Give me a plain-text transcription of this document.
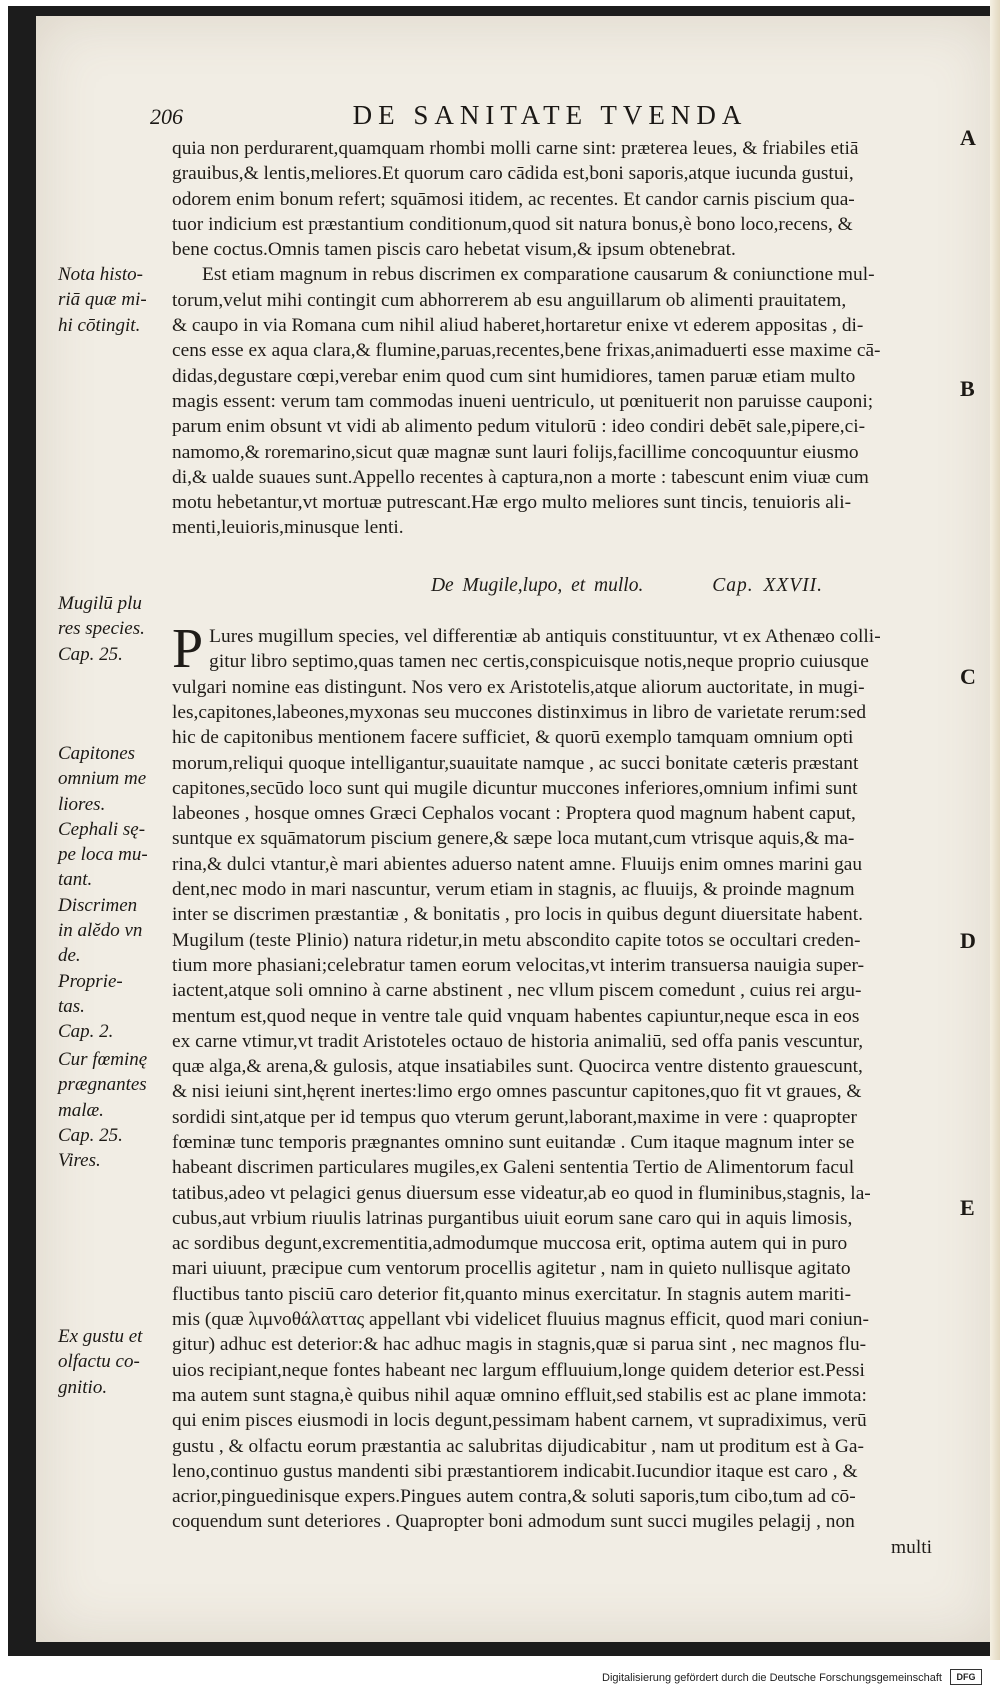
206	DE SANITATE TVENDA
A
B
C
D
E
quia non perdurarent,quamquam rhombi molli carne sint: præterea leues, & friabiles etiā
grauibus,& lentis,meliores.Et quorum caro cādida est,boni saporis,atque iucunda gustui,
odorem enim bonum refert; squāmosi itidem, ac recentes. Et candor carnis piscium qua-
tuor indicium est præstantium conditionum,quod sit natura bonus,è bono loco,recens, &
bene coctus.Omnis tamen piscis caro hebetat visum,& ipsum obtenebrat.
Est etiam magnum in rebus discrimen ex comparatione causarum & coniunctione mul-
torum,velut mihi contingit cum abhorrerem ab esu anguillarum ob alimenti prauitatem,
& caupo in via Romana cum nihil aliud haberet,hortaretur enixe vt ederem appositas , di-
cens esse ex aqua clara,& flumine,paruas,recentes,bene frixas,animaduerti esse maxime cā-
didas,degustare cœpi,verebar enim quod cum sint humidiores, tamen paruæ etiam multo
magis essent: verum tam commodas inueni uentriculo, ut pœnituerit non paruisse cauponi;
parum enim obsunt vt vidi ab alimento pedum vitulorū : ideo condiri debēt sale,pipere,ci-
namomo,& roremarino,sicut quæ magnæ sunt lauri folijs,facillime concoquuntur eiusmo
di,& ualde suaues sunt.Appello recentes à captura,non a morte : tabescunt enim viuæ cum
motu hebetantur,vt mortuæ putrescant.Hæ ergo multo meliores sunt tincis, tenuioris ali-
menti,leuioris,minusque lenti.
De Mugile,lupo, et mullo.	Cap. XXVII.
P Lures mugillum species, vel differentiæ ab antiquis constituuntur, vt ex Athenæo colli-
gitur libro septimo,quas tamen nec certis,conspicuisque notis,neque proprio cuiusque
vulgari nomine eas distingunt. Nos vero ex Aristotelis,atque aliorum auctoritate, in mugi-
les,capitones,labeones,myxonas seu muccones distinximus in libro de varietate rerum:sed
hic de capitonibus mentionem facere sufficiet, & quorū exemplo tamquam omnium opti
morum,reliqui quoque intelligantur,suauitate namque , ac succi bonitate cæteris præstant
capitones,secūdo loco sunt qui mugile dicuntur muccones inferiores,omnium infimi sunt
labeones , hosque omnes Græci Cephalos vocant : Proptera quod magnum habent caput,
suntque ex squāmatorum piscium genere,& sæpe loca mutant,cum vtrisque aquis,& ma-
rina,& dulci vtantur,è mari abientes aduerso natent amne. Fluuijs enim omnes marini gau
dent,nec modo in mari nascuntur, verum etiam in stagnis, ac fluuijs, & proinde magnum
inter se discrimen præstantiæ , & bonitatis , pro locis in quibus degunt diuersitate habent.
Mugilum (teste Plinio) natura ridetur,in metu abscondito capite totos se occultari creden-
tium more phasiani;celebratur tamen eorum velocitas,vt interim transuersa nauigia super-
iactent,atque soli omnino à carne abstinent , nec vllum piscem comedunt , cuius rei argu-
mentum est,quod neque in ventre tale quid vnquam habentes capiuntur,neque esca in eos
ex carne vtimur,vt tradit Aristoteles octauo de historia animaliū, sed offa panis vescuntur,
quæ alga,& arena,& gulosis, atque insatiabiles sunt. Quocirca ventre distento grauescunt,
& nisi ieiuni sint,hęrent inertes:limo ergo omnes pascuntur capitones,quo fit vt graues, &
sordidi sint,atque per id tempus quo vterum gerunt,laborant,maxime in vere : quapropter
fœminæ tunc temporis prægnantes omnino sunt euitandæ . Cum itaque magnum inter se
habeant discrimen particulares mugiles,ex Galeni sententia Tertio de Alimentorum facul
tatibus,adeo vt pelagici genus diuersum esse videatur,ab eo quod in fluminibus,stagnis, la-
cubus,aut vrbium riuulis latrinas purgantibus uiuit eorum sane caro qui in aquis limosis,
ac sordibus degunt,excrementitia,admodumque muccosa erit, optima autem qui in puro
mari uiuunt, præcipue cum ventorum procellis agitetur , nam in quieto nullisque agitato
fluctibus tanto pisciū caro deterior fit,quanto minus exercitatur. In stagnis autem mariti-
mis (quæ λιμνοθάλαττας appellant vbi videlicet fluuius magnus efficit, quod mari coniun-
gitur) adhuc est deterior:& hac adhuc magis in stagnis,quæ si parua sint , nec magnos flu-
uios recipiant,neque fontes habeant nec largum effluuium,longe quidem deterior est.Pessi
ma autem sunt stagna,è quibus nihil aquæ omnino effluit,sed stabilis est ac plane immota:
qui enim pisces eiusmodi in locis degunt,pessimam habent carnem, vt supradiximus, verū
gustu , & olfactu eorum præstantia ac salubritas dijudicabitur , nam ut proditum est à Ga-
leno,continuo gustus mandenti sibi præstantiorem indicabit.Iucundior itaque est caro , &
acrior,pinguedinisque expers.Pingues autem contra,& soluti saporis,tum cibo,tum ad cō-
coquendum sunt deteriores . Quapropter boni admodum sunt succi mugiles pelagij , non
multi
Nota histo-
riā quæ mi-
hi cōtingit.
Mugilū plu
res species.
Cap. 25.
Capitones
omnium me
liores.
Cephali sę-
pe loca mu-
tant.
Discrimen
in alĕdo vn
de.
Proprie-
tas.
Cap. 2.
Cur fœminę
prægnantes
malæ.
Cap. 25.
Vires.
Ex gustu et
olfactu co-
gnitio.
Digitalisierung gefördert durch die Deutsche Forschungsgemeinschaft	DFG
